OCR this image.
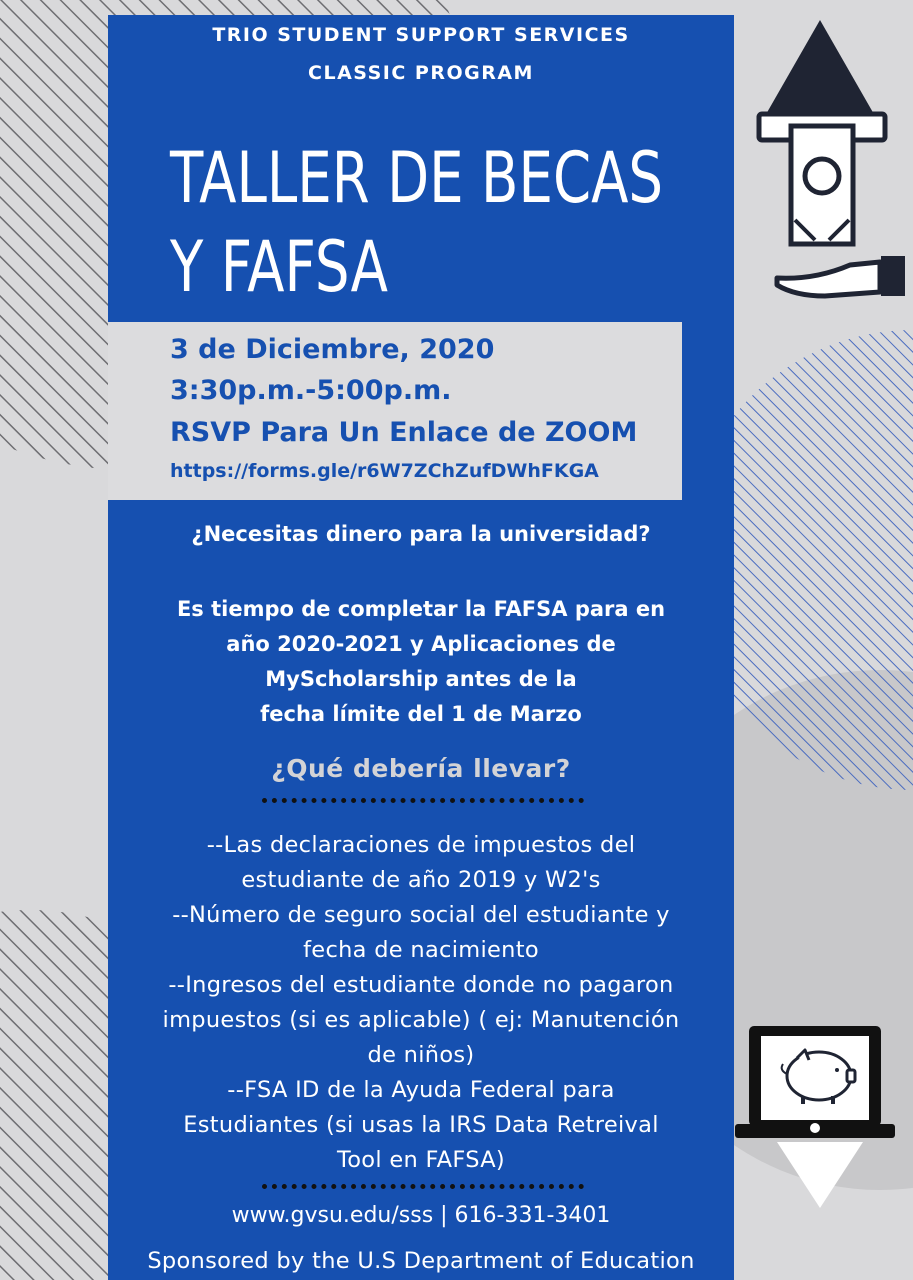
TRIO STUDENT SUPPORT SERVICES
CLASSIC PROGRAM
TALLER DE BECAS
Y FAFSA
3 de Diciembre, 2020
3:30p.m.-5:00p.m.
RSVP Para Un Enlace de ZOOM
https://forms.gle/r6W7ZChZufDWhFKGA
¿Necesitas dinero para la universidad?
Es tiempo de completar la FAFSA para en
año 2020-2021 y Aplicaciones de
MyScholarship antes de la
fecha límite del 1 de Marzo
¿Qué debería llevar?
--Las declaraciones de impuestos del
estudiante de año 2019 y W2's
--Número de seguro social del estudiante y
fecha de nacimiento
--Ingresos del estudiante donde no pagaron
impuestos (si es aplicable) ( ej: Manutención
de niños)
--FSA ID de la Ayuda Federal para
Estudiantes (si usas la IRS Data Retreival
Tool en FAFSA)
www.gvsu.edu/sss | 616-331-3401
Sponsored by the U.S Department of Education
